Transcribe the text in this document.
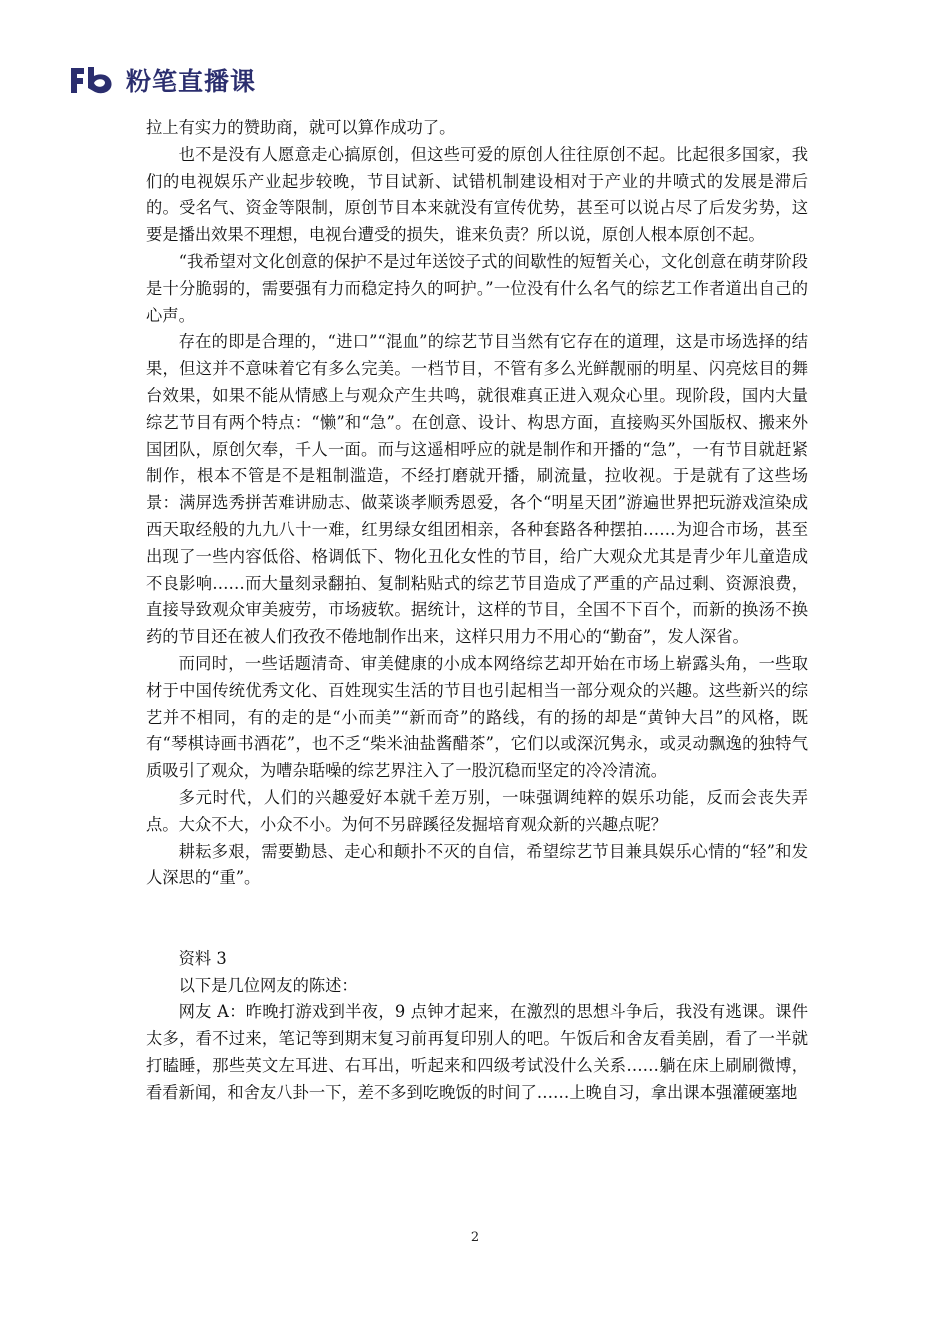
粉笔直播课

拉上有实力的赞助商，就可以算作成功了。

也不是没有人愿意走心搞原创，但这些可爱的原创人往往原创不起。比起很多国家，我们的电视娱乐产业起步较晚，节目试新、试错机制建设相对于产业的井喷式的发展是滞后的。受名气、资金等限制，原创节目本来就没有宣传优势，甚至可以说占尽了后发劣势，这要是播出效果不理想，电视台遭受的损失，谁来负责？所以说，原创人根本原创不起。

“我希望对文化创意的保护不是过年送饺子式的间歇性的短暂关心，文化创意在萌芽阶段是十分脆弱的，需要强有力而稳定持久的呵护。”一位没有什么名气的综艺工作者道出自己的心声。

存在的即是合理的，“进口”“混血”的综艺节目当然有它存在的道理，这是市场选择的结果，但这并不意味着它有多么完美。一档节目，不管有多么光鲜靓丽的明星、闪亮炫目的舞台效果，如果不能从情感上与观众产生共鸣，就很难真正进入观众心里。现阶段，国内大量综艺节目有两个特点：“懒”和“急”。在创意、设计、构思方面，直接购买外国版权、搬来外国团队，原创欠奉，千人一面。而与这遥相呼应的就是制作和开播的“急”，一有节目就赶紧制作，根本不管是不是粗制滥造，不经打磨就开播，刷流量，拉收视。于是就有了这些场景：满屏选秀拼苦难讲励志、做菜谈孝顺秀恩爱，各个“明星天团”游遍世界把玩游戏渲染成西天取经般的九九八十一难，红男绿女组团相亲，各种套路各种摆拍……为迎合市场，甚至出现了一些内容低俗、格调低下、物化丑化女性的节目，给广大观众尤其是青少年儿童造成不良影响……而大量刻录翻拍、复制粘贴式的综艺节目造成了严重的产品过剩、资源浪费，直接导致观众审美疲劳，市场疲软。据统计，这样的节目，全国不下百个，而新的换汤不换药的节目还在被人们孜孜不倦地制作出来，这样只用力不用心的“勤奋”，发人深省。

而同时，一些话题清奇、审美健康的小成本网络综艺却开始在市场上崭露头角，一些取材于中国传统优秀文化、百姓现实生活的节目也引起相当一部分观众的兴趣。这些新兴的综艺并不相同，有的走的是“小而美”“新而奇”的路线，有的扬的却是“黄钟大吕”的风格，既有“琴棋诗画书酒花”，也不乏“柴米油盐酱醋茶”，它们以或深沉隽永，或灵动飘逸的独特气质吸引了观众，为嘈杂聒噪的综艺界注入了一股沉稳而坚定的冷冷清流。

多元时代，人们的兴趣爱好本就千差万别，一味强调纯粹的娱乐功能，反而会丧失弄点。大众不大，小众不小。为何不另辟蹊径发掘培育观众新的兴趣点呢？

耕耘多艰，需要勤恳、走心和颠扑不灭的自信，希望综艺节目兼具娱乐心情的“轻”和发人深思的“重”。

资料 3

以下是几位网友的陈述：

网友 A：昨晚打游戏到半夜，9 点钟才起来，在激烈的思想斗争后，我没有逃课。课件太多，看不过来，笔记等到期末复习前再复印别人的吧。午饭后和舍友看美剧，看了一半就打瞌睡，那些英文左耳进、右耳出，听起来和四级考试没什么关系……躺在床上刷刷微博，看看新闻，和舍友八卦一下，差不多到吃晚饭的时间了……上晚自习，拿出课本强灌硬塞地

2
